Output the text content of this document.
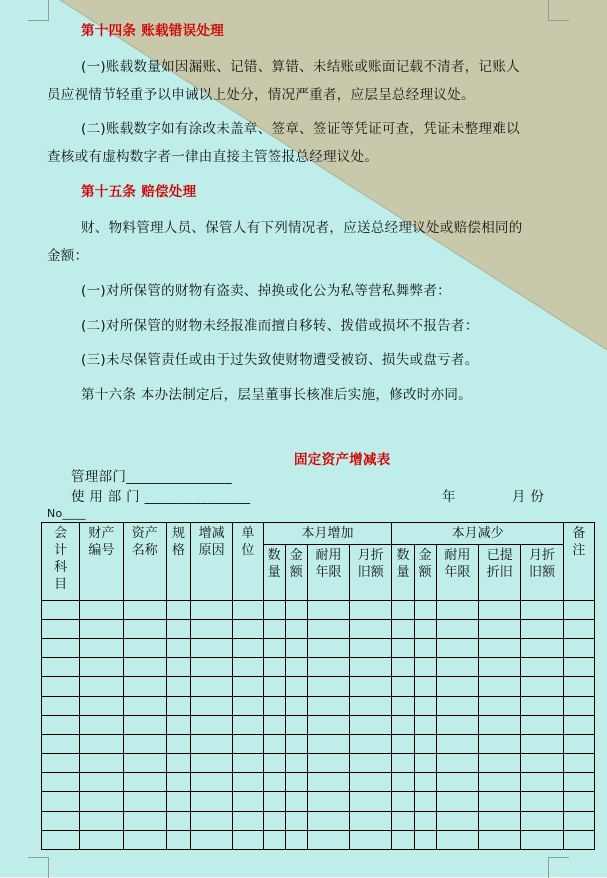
第十四条 账载错误处理
(一)账载数量如因漏账、记错、算错、未结账或账面记载不清者，记账人
员应视情节轻重予以申诫以上处分，情况严重者，应层呈总经理议处。
(二)账载数字如有涂改未盖章、签章、签证等凭证可查，凭证未整理难以
查核或有虚构数字者一律由直接主管签报总经理议处。
第十五条 赔偿处理
财、物料管理人员、保管人有下列情况者，应送总经理议处或赔偿相同的
金额：
(一)对所保管的财物有盗卖、掉换或化公为私等营私舞弊者：
(二)对所保管的财物未经报准而擅自移转、拨借或损坏不报告者：
(三)未尽保管责任或由于过失致使财物遭受被窃、损失或盘亏者。
第十六条 本办法制定后，层呈董事长核准后实施，修改时亦同。
固定资产增减表
管理部门_______________
使 用 部 门 _______________	年	月 份
No____
会计科目	财产编号	资产名称	规格	增减原因	单位	本月增加				本月减少					备注

						数量	金额	耐用年限	月折旧额	数量	金额	耐用年限	已提折旧	月折旧额	
